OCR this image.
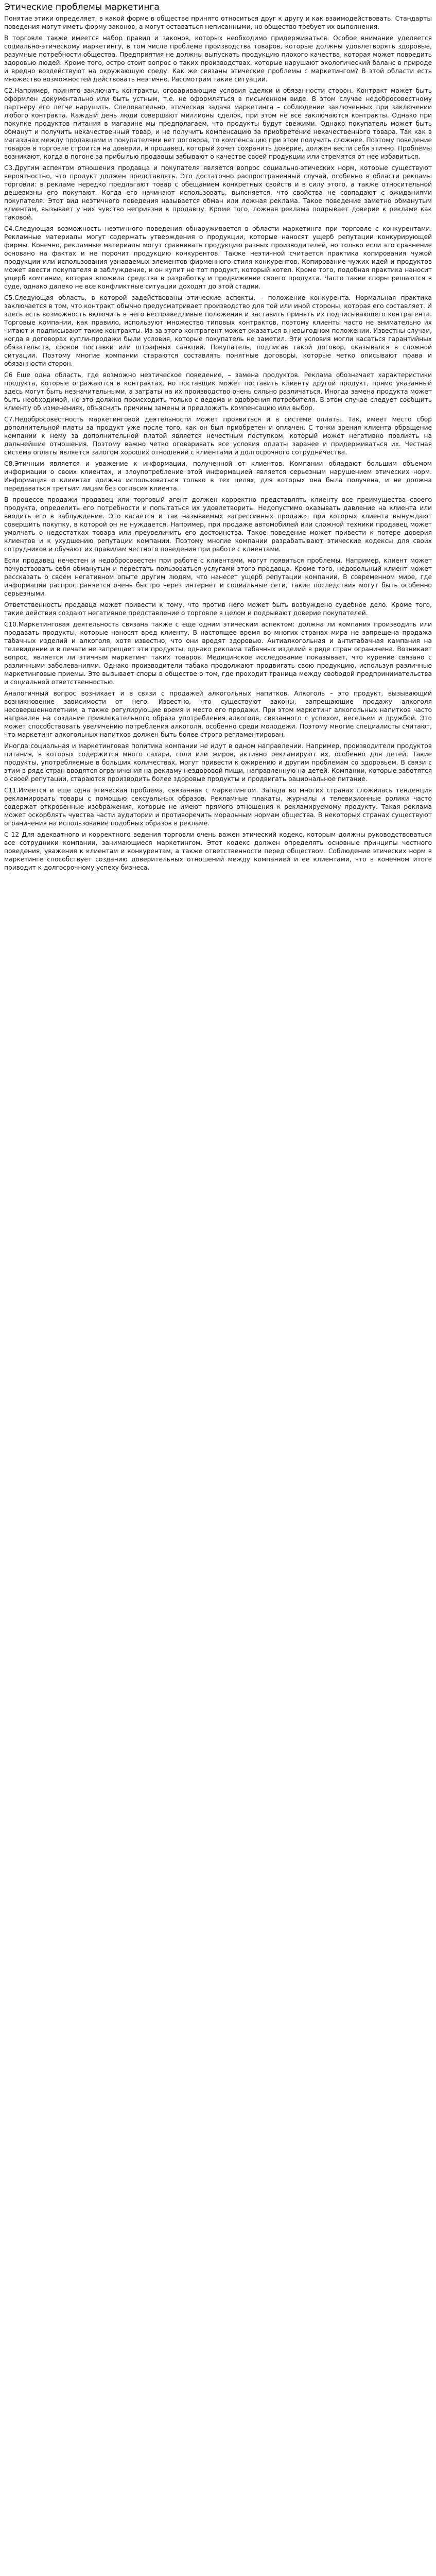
Этические проблемы маркетинга

Понятие этики определяет, в какой форме в обществе принято относиться друг к другу и как взаимодействовать. Стандарты поведения могут иметь форму законов, а могут оставаться неписанными, но общество требует их выполнения.

В торговле также имеется набор правил и законов, которых необходимо придерживаться. Особое внимание уделяется социально-этическому маркетингу, в том числе проблеме производства товаров, которые должны удовлетворять здоровые, разумные потребности общества. Предприятия не должны выпускать продукцию плохого качества, которая может повредить здоровью людей. Кроме того, остро стоит вопрос о таких производствах, которые нарушают экологический баланс в природе и вредно воздействуют на окружающую среду. Как же связаны этические проблемы с маркетингом? В этой области есть множество возможностей действовать неэтично. Рассмотрим такие ситуации.

C2.Например, принято заключать контракты, оговаривающие условия сделки и обязанности сторон. Контракт может быть оформлен документально или быть устным, т.е. не оформляться в письменном виде. В этом случае недобросовестному партнеру его легче нарушить. Следовательно, этическая задача маркетинга – соблюдение заключенных при заключении любого контракта. Каждый день люди совершают миллионы сделок, при этом не все заключаются контракты. Однако при покупке продуктов питания в магазине мы предполагаем, что продукты будут свежими. Однако покупатель может быть обманут и получить некачественный товар, и не получить компенсацию за приобретение некачественного товара. Так как в магазинах между продавцами и покупателями нет договора, то компенсацию при этом получить сложнее. Поэтому поведение товаров в торговле строится на доверии, и продавец, который хочет сохранить доверие, должен вести себя этично. Проблемы возникают, когда в погоне за прибылью продавцы забывают о качестве своей продукции или стремятся от нее избавиться.

C3.Другим аспектом отношения продавца и покупателя является вопрос социально-этических норм, которые существуют вероятностно, что продукт должен представлять. Это достаточно распространенный случай, особенно в области рекламы торговли: в рекламе нередко предлагают товар с обещанием конкретных свойств и в силу этого, а также относительной дешевизны его покупают. Когда его начинают использовать, выясняется, что свойства не совпадают с ожиданиями покупателя. Этот вид неэтичного поведения называется обман или ложная реклама. Такое поведение заметно обманутым клиентам, вызывает у них чувство неприязни к продавцу. Кроме того, ложная реклама подрывает доверие к рекламе как таковой.

C4.Следующая возможность неэтичного поведения обнаруживается в области маркетинга при торговле с конкурентами. Рекламные материалы могут содержать утверждения о продукции, которые наносят ущерб репутации конкурирующей фирмы. Конечно, рекламные материалы могут сравнивать продукцию разных производителей, но только если это сравнение основано на фактах и не порочит продукцию конкурентов. Также неэтичной считается практика копирования чужой продукции или использования узнаваемых элементов фирменного стиля конкурентов. Копирование чужих идей и продуктов может ввести покупателя в заблуждение, и он купит не тот продукт, который хотел. Кроме того, подобная практика наносит ущерб компании, которая вложила средства в разработку и продвижение своего продукта. Часто такие споры решаются в суде, однако далеко не все конфликтные ситуации доходят до этой стадии.

C5.Следующая область, в которой задействованы этические аспекты, – положение конкурента. Нормальная практика заключается в том, что контракт обычно предусматривает производство для той или иной стороны, которая его составляет. И здесь есть возможность включить в него несправедливые положения и заставить принять их подписывающего контрагента. Торговые компании, как правило, используют множество типовых контрактов, поэтому клиенты часто не внимательно их читают и подписывают такие контракты. Из-за этого контрагент может оказаться в невыгодном положении. Известны случаи, когда в договорах купли-продажи были условия, которые покупатель не заметил. Эти условия могли касаться гарантийных обязательств, сроков поставки или штрафных санкций. Покупатель, подписав такой договор, оказывался в сложной ситуации. Поэтому многие компании стараются составлять понятные договоры, которые четко описывают права и обязанности сторон.

C6 Еще одна область, где возможно неэтическое поведение, – замена продуктов. Реклама обозначает характеристики продукта, которые отражаются в контрактах, но поставщик может поставить клиенту другой продукт, прямо указанный здесь могут быть незначительными, а затраты на их производство очень сильно различаться. Иногда замена продукта может быть необходимой, но это должно происходить только с ведома и одобрения потребителя. В этом случае следует сообщить клиенту об изменениях, объяснить причины замены и предложить компенсацию или выбор.

C7.Недобросовестность маркетинговой деятельности может проявиться и в системе оплаты. Так, имеет место сбор дополнительной платы за продукт уже после того, как он был приобретен и оплачен. С точки зрения клиента обращение компании к нему за дополнительной платой является нечестным поступком, который может негативно повлиять на дальнейшие отношения. Поэтому важно четко оговаривать все условия оплаты заранее и придерживаться их. Честная система оплаты является залогом хороших отношений с клиентами и долгосрочного сотрудничества.

C8.Этичным является и уважение к информации, полученной от клиентов. Компании обладают большим объемом информации о своих клиентах, и злоупотребление этой информацией является серьезным нарушением этических норм. Информация о клиентах должна использоваться только в тех целях, для которых она была получена, и не должна передаваться третьим лицам без согласия клиента.

В процессе продажи продавец или торговый агент должен корректно представлять клиенту все преимущества своего продукта, определить его потребности и попытаться их удовлетворить. Недопустимо оказывать давление на клиента или вводить его в заблуждение. Это касается и так называемых «агрессивных продаж», при которых клиента вынуждают совершить покупку, в которой он не нуждается. Например, при продаже автомобилей или сложной техники продавец может умолчать о недостатках товара или преувеличить его достоинства. Такое поведение может привести к потере доверия клиентов и к ухудшению репутации компании. Поэтому многие компании разрабатывают этические кодексы для своих сотрудников и обучают их правилам честного поведения при работе с клиентами.

Если продавец нечестен и недобросовестен при работе с клиентами, могут появиться проблемы. Например, клиент может почувствовать себя обманутым и перестать пользоваться услугами этого продавца. Кроме того, недовольный клиент может рассказать о своем негативном опыте другим людям, что нанесет ущерб репутации компании. В современном мире, где информация распространяется очень быстро через интернет и социальные сети, такие последствия могут быть особенно серьезными.

Ответственность продавца может привести к тому, что против него может быть возбуждено судебное дело. Кроме того, такие действия создают негативное представление о торговле в целом и подрывают доверие покупателей.

C10.Маркетинговая деятельность связана также с еще одним этическим аспектом: должна ли компания производить или продавать продукты, которые наносят вред клиенту. В настоящее время во многих странах мира не запрещена продажа табачных изделий и алкоголя, хотя известно, что они вредят здоровью. Антиалкогольная и антитабачная кампания на телевидении и в печати не запрещает эти продукты, однако реклама табачных изделий в ряде стран ограничена. Возникает вопрос, является ли этичным маркетинг таких товаров. Медицинское исследование показывает, что курение связано с различными заболеваниями. Однако производители табака продолжают продвигать свою продукцию, используя различные маркетинговые приемы. Это вызывает споры в обществе о том, где проходит граница между свободой предпринимательства и социальной ответственностью.

Аналогичный вопрос возникает и в связи с продажей алкогольных напитков. Алкоголь – это продукт, вызывающий возникновение зависимости от него. Известно, что существуют законы, запрещающие продажу алкоголя несовершеннолетним, а также регулирующие время и место его продажи. При этом маркетинг алкогольных напитков часто направлен на создание привлекательного образа употребления алкоголя, связанного с успехом, весельем и дружбой. Это может способствовать увеличению потребления алкоголя, особенно среди молодежи. Поэтому многие специалисты считают, что маркетинг алкогольных напитков должен быть более строго регламентирован.

Иногда социальная и маркетинговая политика компании не идут в одном направлении. Например, производители продуктов питания, в которых содержится много сахара, соли или жиров, активно рекламируют их, особенно для детей. Такие продукты, употребляемые в больших количествах, могут привести к ожирению и другим проблемам со здоровьем. В связи с этим в ряде стран вводятся ограничения на рекламу нездоровой пищи, направленную на детей. Компании, которые заботятся о своей репутации, стараются производить более здоровые продукты и продвигать рациональное питание.

C11.Имеется и еще одна этическая проблема, связанная с маркетингом. Запада во многих странах сложилась тенденция рекламировать товары с помощью сексуальных образов. Рекламные плакаты, журналы и телевизионные ролики часто содержат откровенные изображения, которые не имеют прямого отношения к рекламируемому продукту. Такая реклама может оскорблять чувства части аудитории и противоречить моральным нормам общества. В некоторых странах существуют ограничения на использование подобных образов в рекламе.

C 12 Для адекватного и корректного ведения торговли очень важен этический кодекс, которым должны руководствоваться все сотрудники компании, занимающиеся маркетингом. Этот кодекс должен определять основные принципы честного поведения, уважения к клиентам и конкурентам, а также ответственности перед обществом. Соблюдение этических норм в маркетинге способствует созданию доверительных отношений между компанией и ее клиентами, что в конечном итоге приводит к долгосрочному успеху бизнеса.
